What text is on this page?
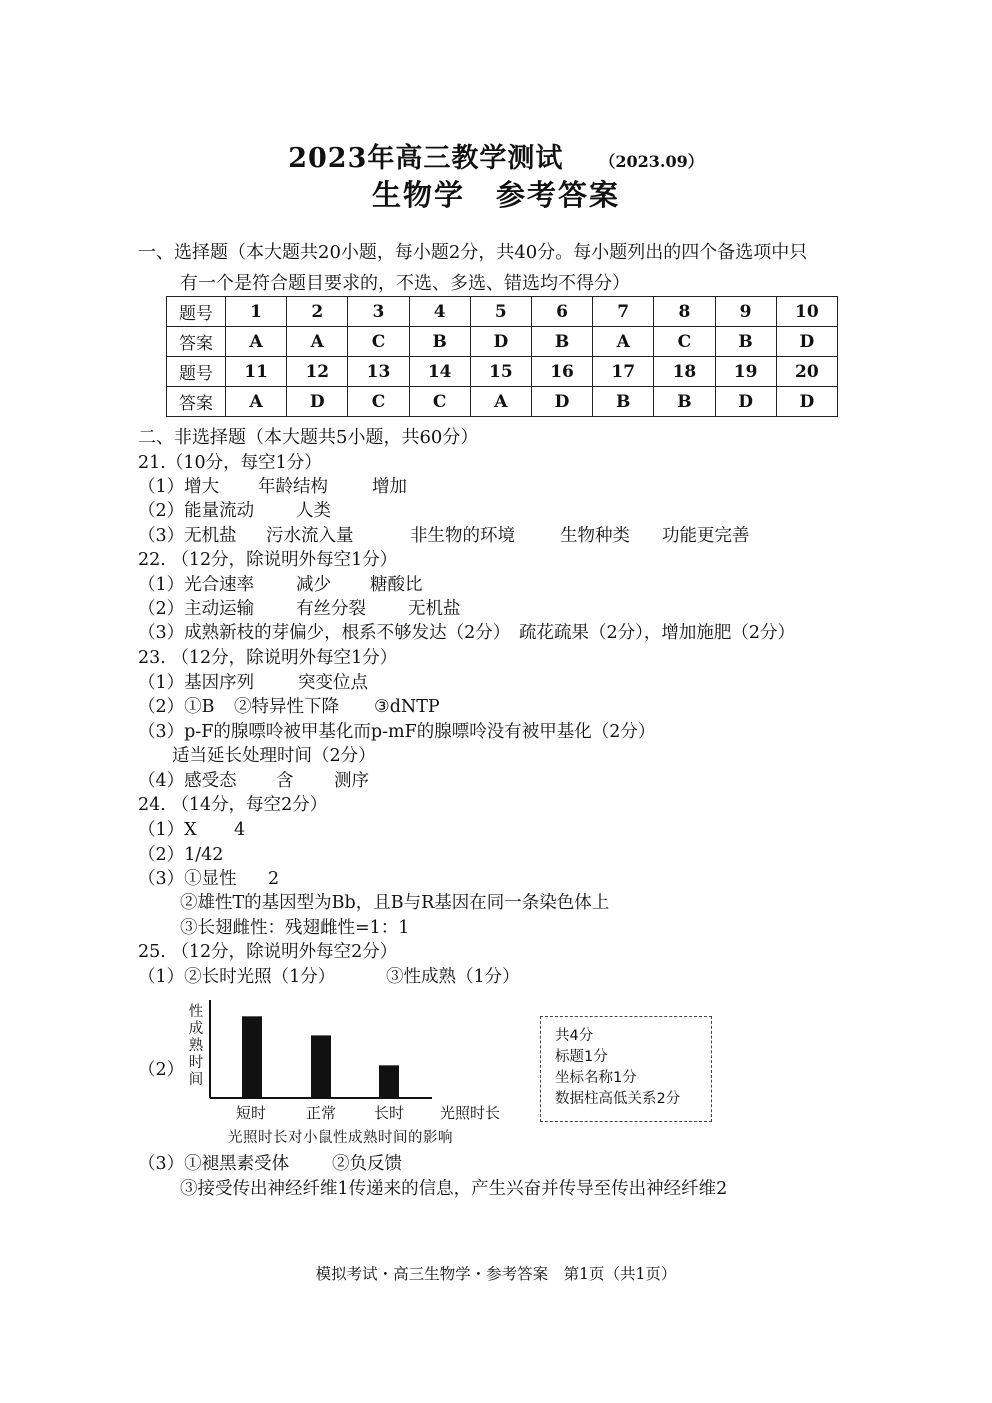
2023年高三教学测试 （2023.09）
生物学　参考答案
一、选择题（本大题共20小题，每小题2分，共40分。每小题列出的四个备选项中只
有一个是符合题目要求的，不选、多选、错选均不得分）
题号	1	2	3	4	5	6	7	8	9	10
答案	A	A	C	B	D	B	A	C	B	D
题号	11	12	13	14	15	16	17	18	19	20
答案	A	D	C	C	A	D	B	B	D	D
二、非选择题（本大题共5小题，共60分）
21.（10分，每空1分）
（1）增大 年龄结构	增加
（2）能量流动 人类
（3）无机盐 污水流入量	非生物的环境	生物种类 功能更完善
22. （12分，除说明外每空1分）
（1）光合速率 减少 糖酸比
（2）主动运输 有丝分裂 无机盐
（3）成熟新枝的芽偏少，根系不够发达（2分）　疏花疏果（2分），增加施肥（2分）
23. （12分，除说明外每空1分）
（1）基因序列	突变位点
（2）①B ②特异性下降 ③dNTP
（3）p-F的腺嘌呤被甲基化而p-mF的腺嘌呤没有被甲基化（2分）
适当延长处理时间（2分）
（4）感受态 含 测序
24. （14分，每空2分）
（1）X 4
（2）1/42
（3）①显性 2
②雄性T的基因型为Bb，且B与R基因在同一条染色体上
③长翅雌性：残翅雌性=1：1
25. （12分，除说明外每空2分）
（1）②长时光照（1分）	③性成熟（1分）
（2）
性成熟时间
短时	正常	长时 光照时长
光照时长对小鼠性成熟时间的影响
共4分
标题1分
坐标名称1分
数据柱高低关系2分
（3）①褪黑素受体 ②负反馈
③接受传出神经纤维1传递来的信息，产生兴奋并传导至传出神经纤维2
模拟考试・高三生物学・参考答案　第1页（共1页）
